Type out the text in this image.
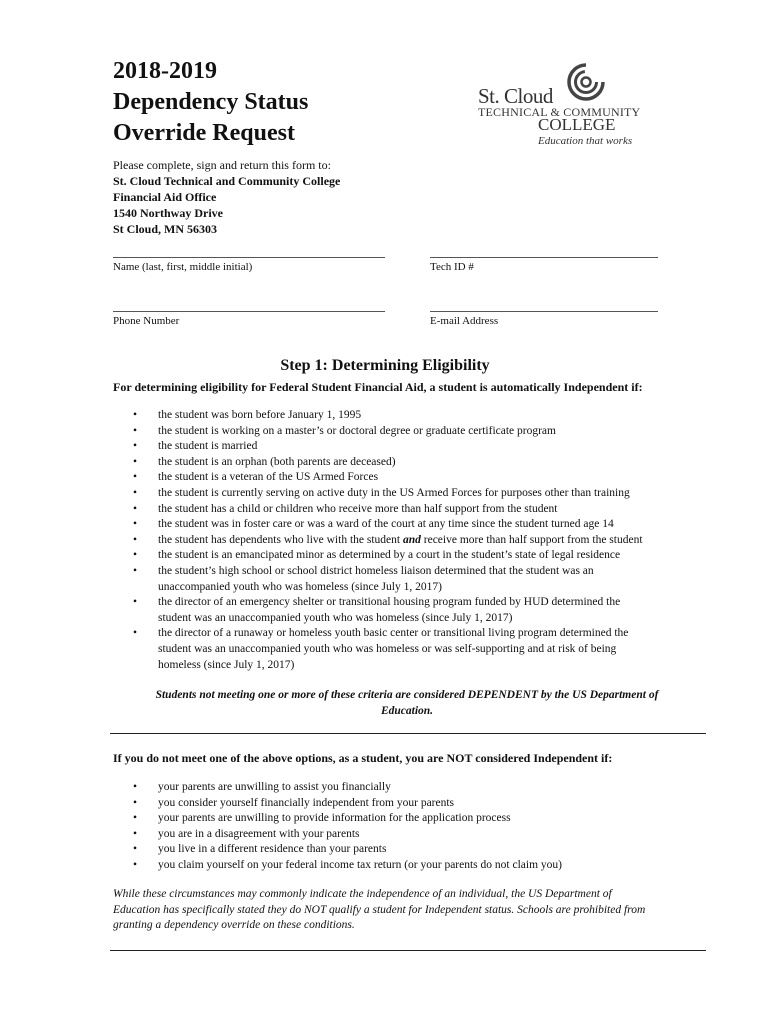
2018-2019
Dependency Status
Override Request
St. Cloud
TECHNICAL & COMMUNITY
COLLEGE
Education that works
Please complete, sign and return this form to:
St. Cloud Technical and Community College
Financial Aid Office
1540 Northway Drive
St Cloud, MN 56303
Name (last, first, middle initial)	Tech ID #
Phone Number	E-mail Address
Step 1: Determining Eligibility
For determining eligibility for Federal Student Financial Aid, a student is automatically Independent if:
• the student was born before January 1, 1995
• the student is working on a master’s or doctoral degree or graduate certificate program
• the student is married
• the student is an orphan (both parents are deceased)
• the student is a veteran of the US Armed Forces
• the student is currently serving on active duty in the US Armed Forces for purposes other than training
• the student has a child or children who receive more than half support from the student
• the student was in foster care or was a ward of the court at any time since the student turned age 14
• the student has dependents who live with the student and receive more than half support from the student
• the student is an emancipated minor as determined by a court in the student’s state of legal residence
• the student’s high school or school district homeless liaison determined that the student was an
unaccompanied youth who was homeless (since July 1, 2017)
• the director of an emergency shelter or transitional housing program funded by HUD determined the
student was an unaccompanied youth who was homeless (since July 1, 2017)
• the director of a runaway or homeless youth basic center or transitional living program determined the
student was an unaccompanied youth who was homeless or was self-supporting and at risk of being
homeless (since July 1, 2017)
Students not meeting one or more of these criteria are considered DEPENDENT by the US Department of
Education.
If you do not meet one of the above options, as a student, you are NOT considered Independent if:
• your parents are unwilling to assist you financially
• you consider yourself financially independent from your parents
• your parents are unwilling to provide information for the application process
• you are in a disagreement with your parents
• you live in a different residence than your parents
• you claim yourself on your federal income tax return (or your parents do not claim you)
While these circumstances may commonly indicate the independence of an individual, the US Department of
Education has specifically stated they do NOT qualify a student for Independent status. Schools are prohibited from
granting a dependency override on these conditions.
